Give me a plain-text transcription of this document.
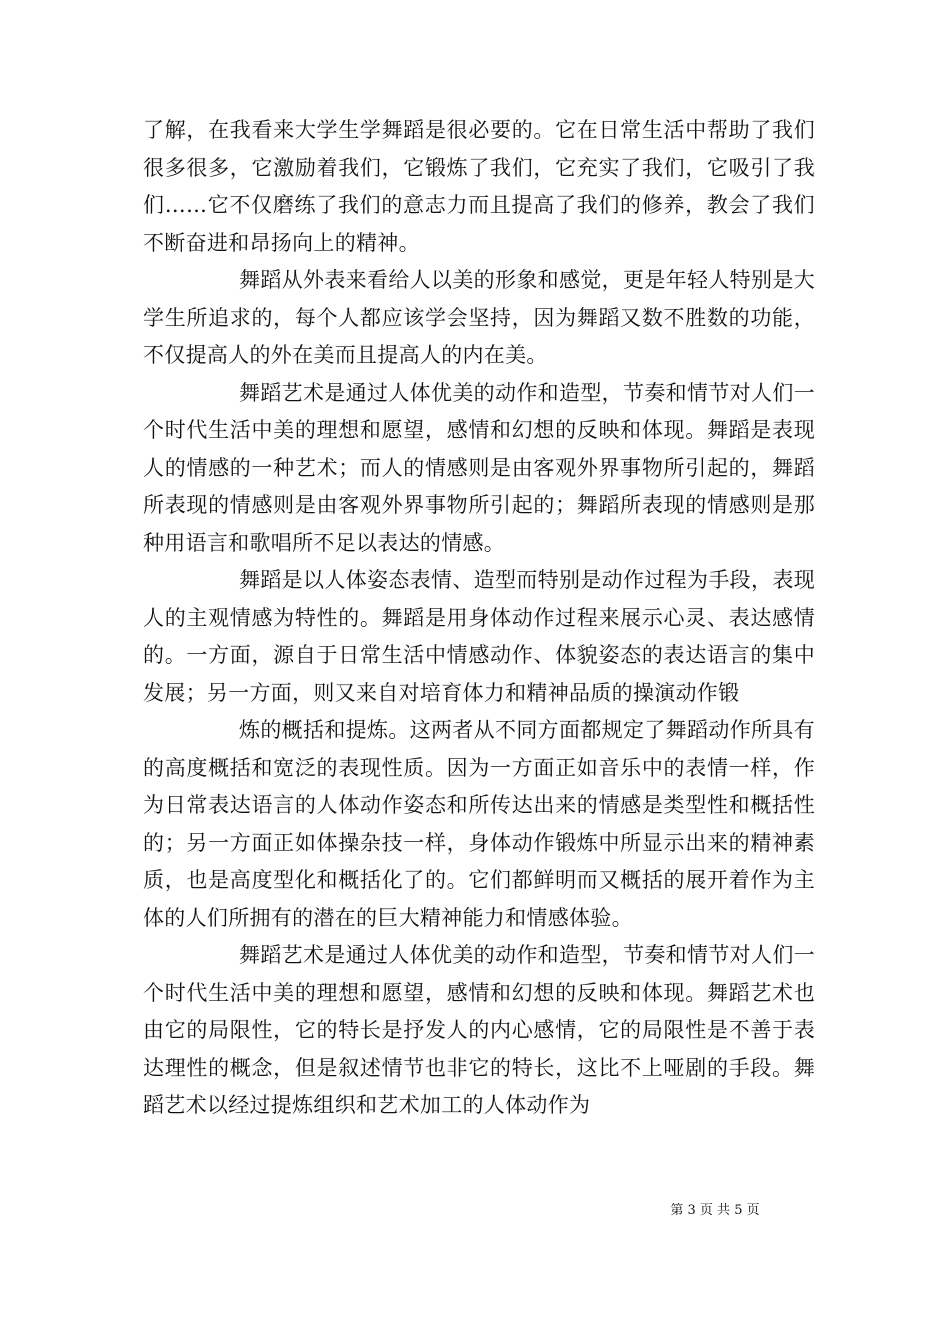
了解，在我看来大学生学舞蹈是很必要的。它在日常生活中帮助了我们很多很多，它激励着我们，它锻炼了我们，它充实了我们，它吸引了我们……它不仅磨练了我们的意志力而且提高了我们的修养，教会了我们不断奋进和昂扬向上的精神。

舞蹈从外表来看给人以美的形象和感觉，更是年轻人特别是大学生所追求的，每个人都应该学会坚持，因为舞蹈又数不胜数的功能，不仅提高人的外在美而且提高人的内在美。

舞蹈艺术是通过人体优美的动作和造型，节奏和情节对人们一个时代生活中美的理想和愿望，感情和幻想的反映和体现。舞蹈是表现人的情感的一种艺术；而人的情感则是由客观外界事物所引起的，舞蹈所表现的情感则是由客观外界事物所引起的；舞蹈所表现的情感则是那种用语言和歌唱所不足以表达的情感。

舞蹈是以人体姿态表情、造型而特别是动作过程为手段，表现人的主观情感为特性的。舞蹈是用身体动作过程来展示心灵、表达感情的。一方面，源自于日常生活中情感动作、体貌姿态的表达语言的集中发展；另一方面，则又来自对培育体力和精神品质的操演动作锻

炼的概括和提炼。这两者从不同方面都规定了舞蹈动作所具有的高度概括和宽泛的表现性质。因为一方面正如音乐中的表情一样，作为日常表达语言的人体动作姿态和所传达出来的情感是类型性和概括性的；另一方面正如体操杂技一样，身体动作锻炼中所显示出来的精神素质，也是高度型化和概括化了的。它们都鲜明而又概括的展开着作为主体的人们所拥有的潜在的巨大精神能力和情感体验。

舞蹈艺术是通过人体优美的动作和造型，节奏和情节对人们一个时代生活中美的理想和愿望，感情和幻想的反映和体现。舞蹈艺术也由它的局限性，它的特长是抒发人的内心感情，它的局限性是不善于表达理性的概念，但是叙述情节也非它的特长，这比不上哑剧的手段。舞蹈艺术以经过提炼组织和艺术加工的人体动作为

第 3 页 共 5 页
